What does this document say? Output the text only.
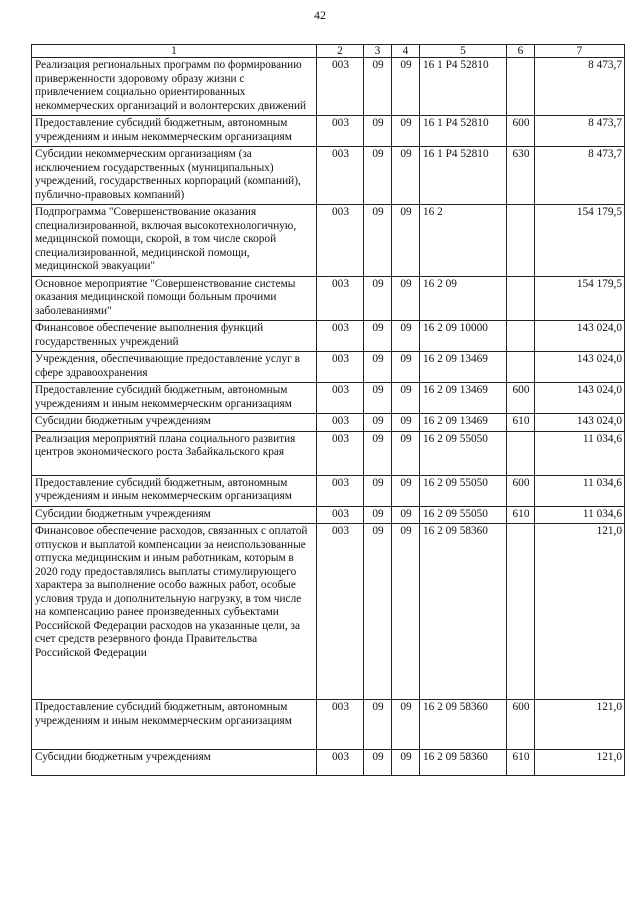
42
1	2	3	4	5	6	7
Реализация региональных программ по формированию приверженности здоровому образу жизни с привлечением социально ориентированных некоммерческих организаций и волонтерских движений	003	09	09	16 1 Р4 52810		8 473,7
Предоставление субсидий бюджетным, автономным учреждениям и иным некоммерческим организациям	003	09	09	16 1 Р4 52810	600	8 473,7
Субсидии некоммерческим организациям (за исключением государственных (муниципальных) учреждений, государственных корпораций (компаний), публично-правовых компаний)	003	09	09	16 1 Р4 52810	630	8 473,7
Подпрограмма "Совершенствование оказания специализированной, включая высокотехнологичную, медицинской помощи, скорой, в том числе скорой специализированной, медицинской помощи, медицинской эвакуации"	003	09	09	16 2		154 179,5
Основное мероприятие "Совершенствование системы оказания медицинской помощи больным прочими заболеваниями"	003	09	09	16 2 09		154 179,5
Финансовое обеспечение выполнения функций государственных учреждений	003	09	09	16 2 09 10000		143 024,0
Учреждения, обеспечивающие предоставление услуг в сфере здравоохранения	003	09	09	16 2 09 13469		143 024,0
Предоставление субсидий бюджетным, автономным учреждениям и иным некоммерческим организациям	003	09	09	16 2 09 13469	600	143 024,0
Субсидии бюджетным учреждениям	003	09	09	16 2 09 13469	610	143 024,0
Реализация мероприятий плана социального развития центров экономического роста Забайкальского края	003	09	09	16 2 09 55050		11 034,6
Предоставление субсидий бюджетным, автономным учреждениям и иным некоммерческим организациям	003	09	09	16 2 09 55050	600	11 034,6
Субсидии бюджетным учреждениям	003	09	09	16 2 09 55050	610	11 034,6
Финансовое обеспечение расходов, связанных с оплатой отпусков и выплатой компенсации за неиспользованные отпуска медицинским и иным работникам, которым в 2020 году предоставлялись выплаты стимулирующего характера за выполнение особо важных работ, особые условия труда и дополнительную нагрузку, в том числе на компенсацию ранее произведенных субъектами Российской Федерации расходов на указанные цели, за счет средств резервного фонда Правительства Российской Федерации	003	09	09	16 2 09 58360		121,0
Предоставление субсидий бюджетным, автономным учреждениям и иным некоммерческим организациям	003	09	09	16 2 09 58360	600	121,0
Субсидии бюджетным учреждениям	003	09	09	16 2 09 58360	610	121,0
